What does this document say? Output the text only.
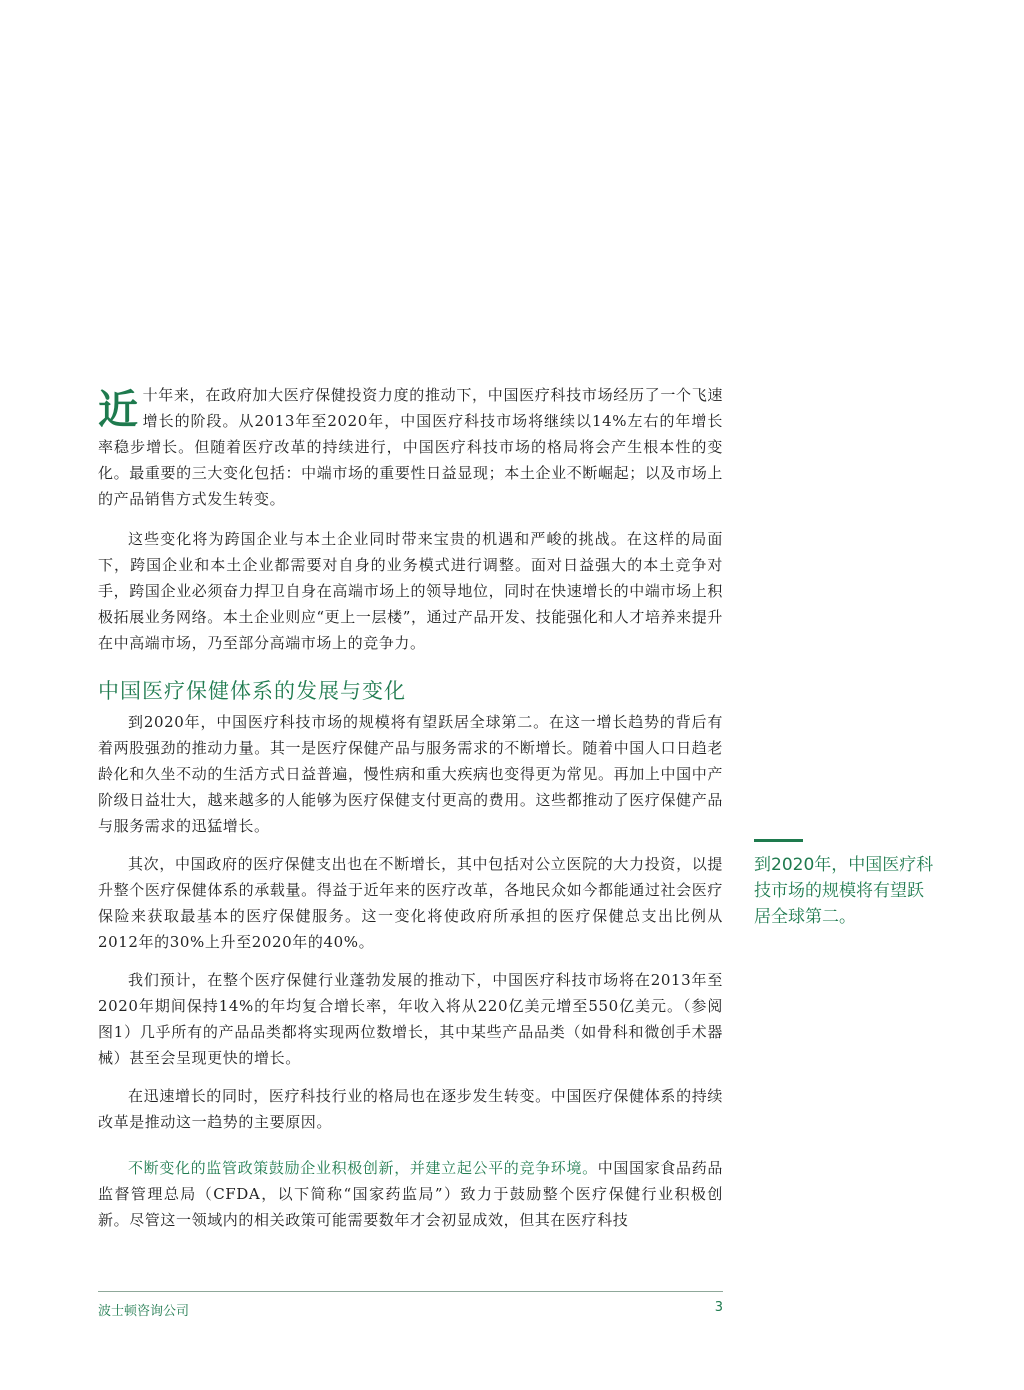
近 十年来，在政府加大医疗保健投资力度的推动下，中国医疗科技市场经历了一个飞速增长的阶段。从2013年至2020年，中国医疗科技市场将继续以14%左右的年增长率稳步增长。但随着医疗改革的持续进行，中国医疗科技市场的格局将会产生根本性的变化。最重要的三大变化包括：中端市场的重要性日益显现；本土企业不断崛起；以及市场上的产品销售方式发生转变。

这些变化将为跨国企业与本土企业同时带来宝贵的机遇和严峻的挑战。在这样的局面下，跨国企业和本土企业都需要对自身的业务模式进行调整。面对日益强大的本土竞争对手，跨国企业必须奋力捍卫自身在高端市场上的领导地位，同时在快速增长的中端市场上积极拓展业务网络。本土企业则应“更上一层楼”，通过产品开发、技能强化和人才培养来提升在中高端市场，乃至部分高端市场上的竞争力。

中国医疗保健体系的发展与变化

到2020年，中国医疗科技市场的规模将有望跃居全球第二。在这一增长趋势的背后有着两股强劲的推动力量。其一是医疗保健产品与服务需求的不断增长。随着中国人口日趋老龄化和久坐不动的生活方式日益普遍，慢性病和重大疾病也变得更为常见。再加上中国中产阶级日益壮大，越来越多的人能够为医疗保健支付更高的费用。这些都推动了医疗保健产品与服务需求的迅猛增长。

其次，中国政府的医疗保健支出也在不断增长，其中包括对公立医院的大力投资，以提升整个医疗保健体系的承载量。得益于近年来的医疗改革，各地民众如今都能通过社会医疗保险来获取最基本的医疗保健服务。这一变化将使政府所承担的医疗保健总支出比例从2012年的30%上升至2020年的40%。

我们预计，在整个医疗保健行业蓬勃发展的推动下，中国医疗科技市场将在2013年至2020年期间保持14%的年均复合增长率，年收入将从220亿美元增至550亿美元。（参阅图1）几乎所有的产品品类都将实现两位数增长，其中某些产品品类（如骨科和微创手术器械）甚至会呈现更快的增长。

在迅速增长的同时，医疗科技行业的格局也在逐步发生转变。中国医疗保健体系的持续改革是推动这一趋势的主要原因。

不断变化的监管政策鼓励企业积极创新，并建立起公平的竞争环境。中国国家食品药品监督管理总局（CFDA，以下简称“国家药监局”）致力于鼓励整个医疗保健行业积极创新。尽管这一领域内的相关政策可能需要数年才会初显成效，但其在医疗科技

到2020年，中国医疗科技市场的规模将有望跃居全球第二。

波士顿咨询公司	3
